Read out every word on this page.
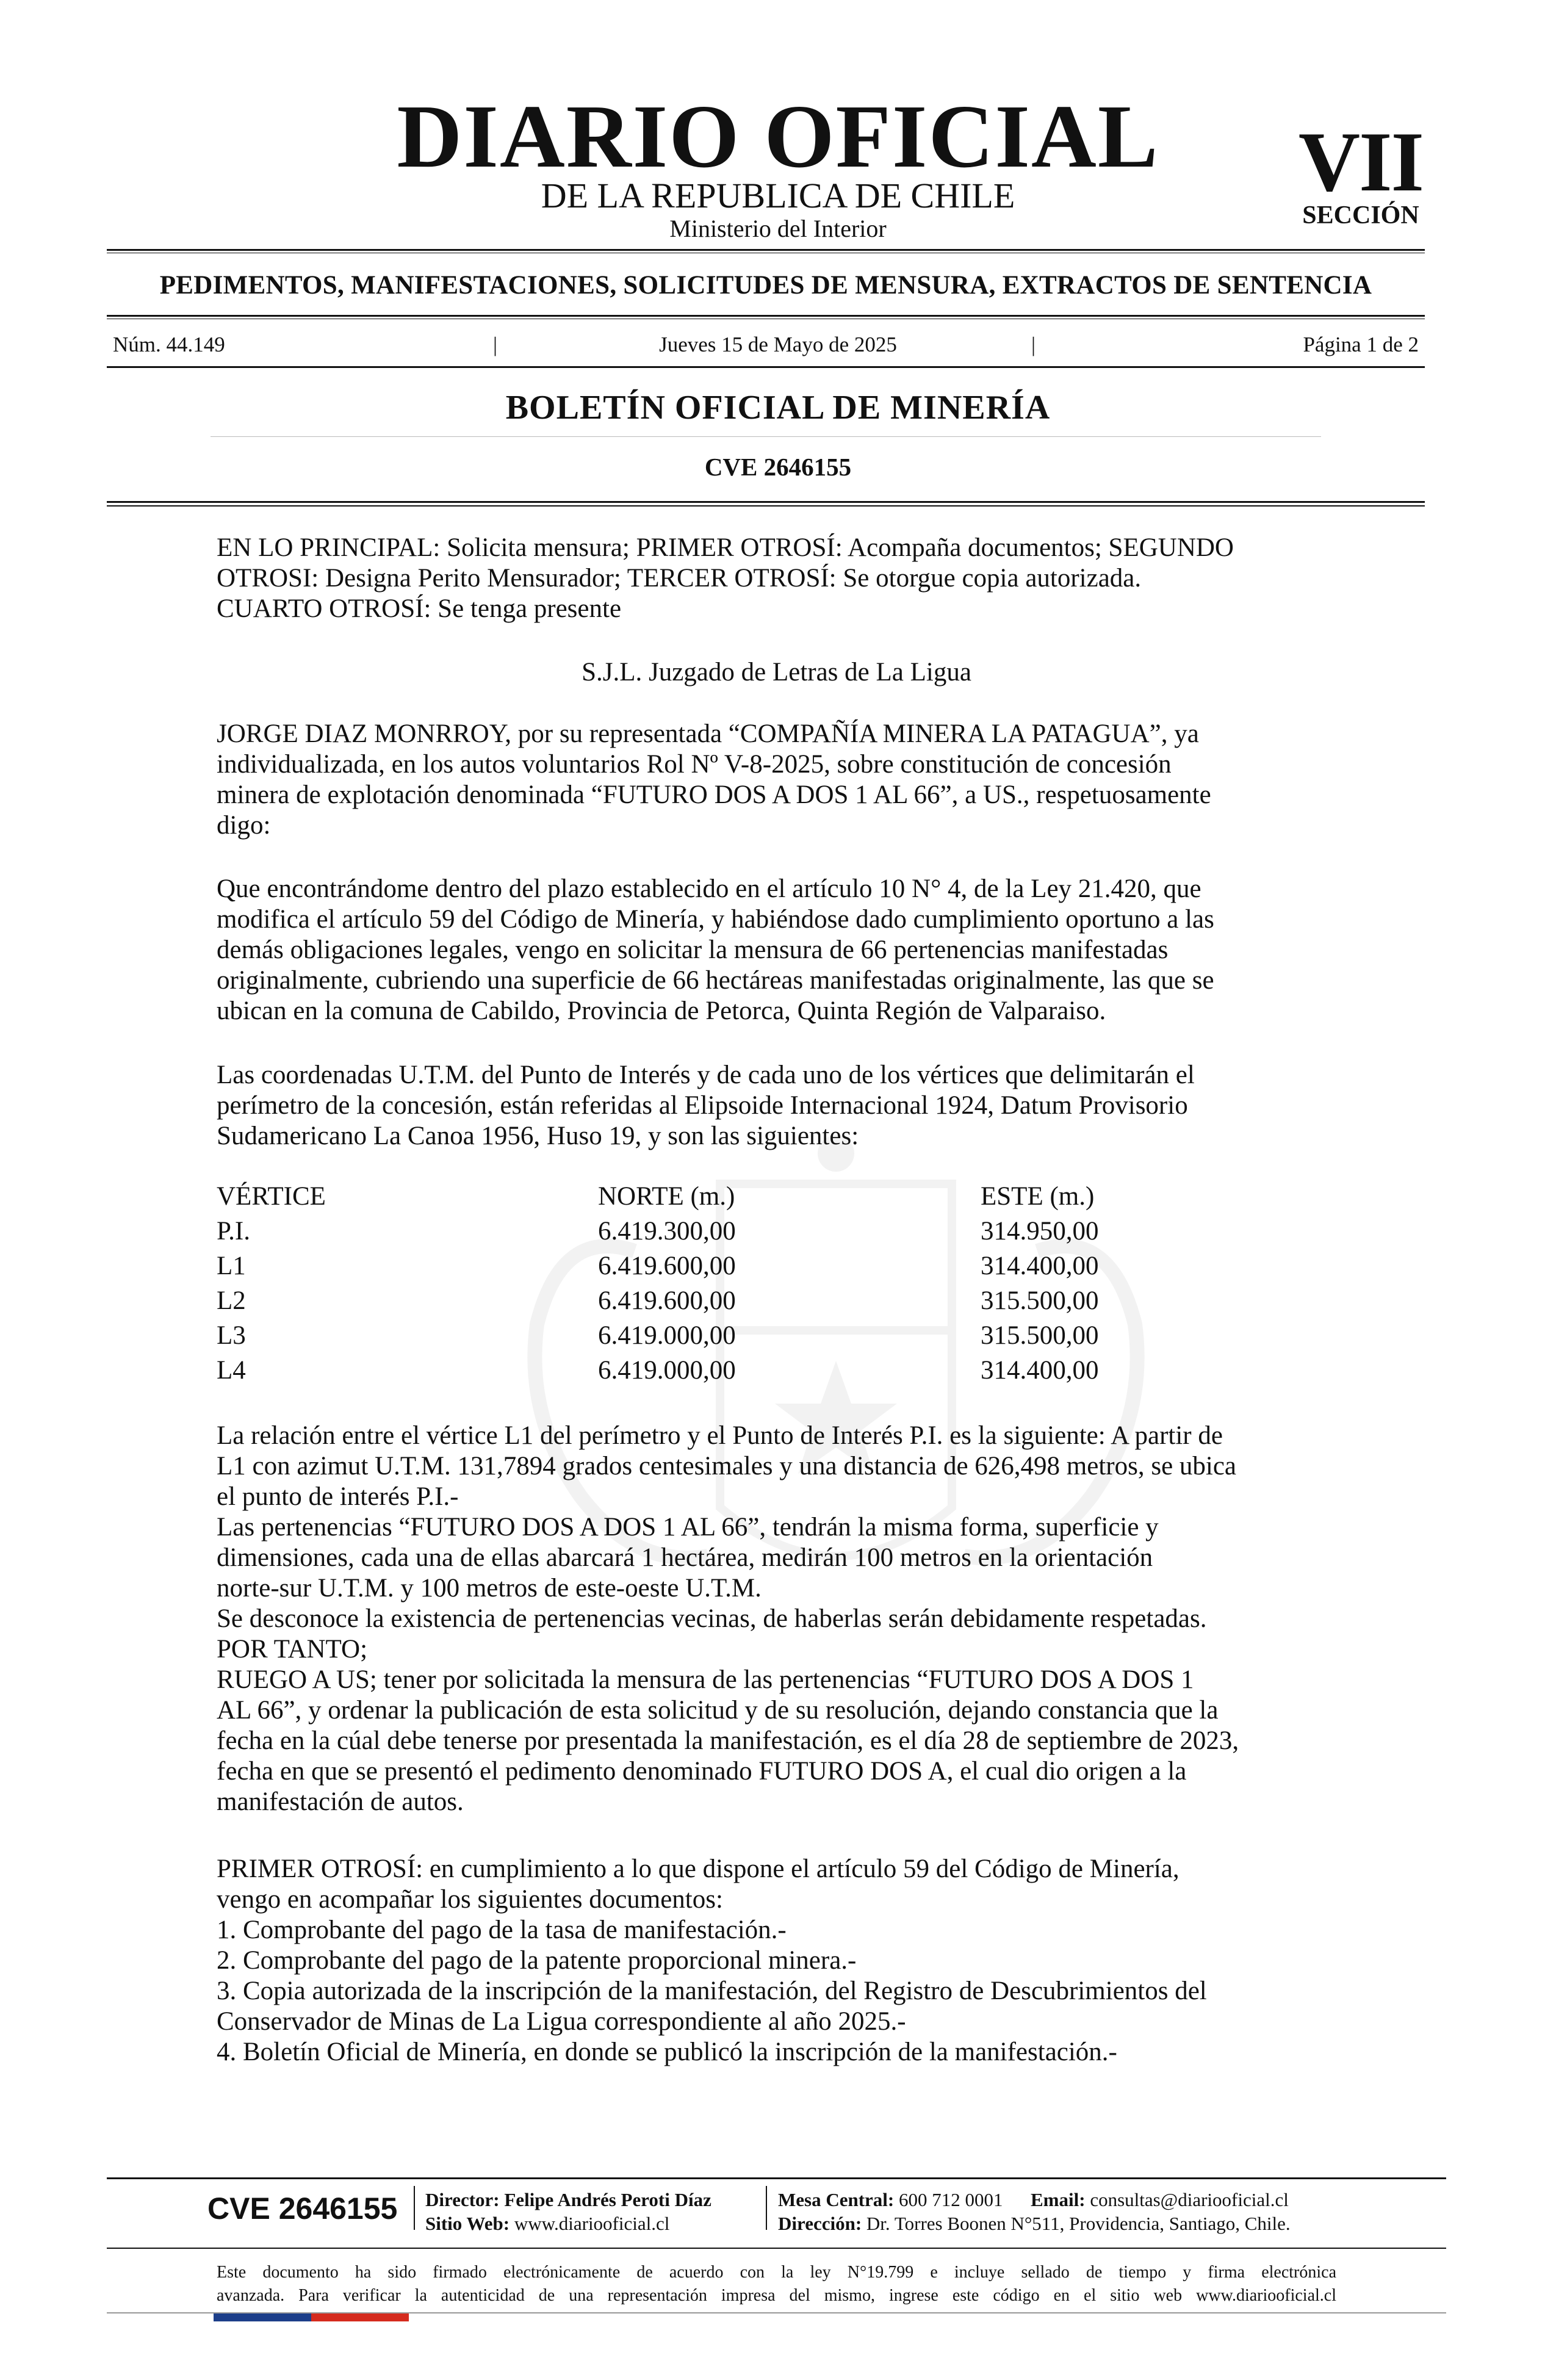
DIARIO OFICIAL
DE LA REPUBLICA DE CHILE
Ministerio del Interior
VII
SECCIÓN
PEDIMENTOS, MANIFESTACIONES, SOLICITUDES DE MENSURA, EXTRACTOS DE SENTENCIA
Núm. 44.149	|	Jueves 15 de Mayo de 2025	|	Página 1 de 2
BOLETÍN OFICIAL DE MINERÍA
CVE 2646155
EN LO PRINCIPAL: Solicita mensura; PRIMER OTROSÍ: Acompaña documentos; SEGUNDO
OTROSI: Designa Perito Mensurador; TERCER OTROSÍ: Se otorgue copia autorizada.
CUARTO OTROSÍ: Se tenga presente
S.J.L. Juzgado de Letras de La Ligua
JORGE DIAZ MONRROY, por su representada “COMPAÑÍA MINERA LA PATAGUA”, ya
individualizada, en los autos voluntarios Rol Nº V-8-2025, sobre constitución de concesión
minera de explotación denominada “FUTURO DOS A DOS 1 AL 66”, a US., respetuosamente
digo:
Que encontrándome dentro del plazo establecido en el artículo 10 N° 4, de la Ley 21.420, que
modifica el artículo 59 del Código de Minería, y habiéndose dado cumplimiento oportuno a las
demás obligaciones legales, vengo en solicitar la mensura de 66 pertenencias manifestadas
originalmente, cubriendo una superficie de 66 hectáreas manifestadas originalmente, las que se
ubican en la comuna de Cabildo, Provincia de Petorca, Quinta Región de Valparaiso.
Las coordenadas U.T.M. del Punto de Interés y de cada uno de los vértices que delimitarán el
perímetro de la concesión, están referidas al Elipsoide Internacional 1924, Datum Provisorio
Sudamericano La Canoa 1956, Huso 19, y son las siguientes:
VÉRTICE	NORTE (m.)	ESTE (m.)
P.I.	6.419.300,00	314.950,00
L1	6.419.600,00	314.400,00
L2	6.419.600,00	315.500,00
L3	6.419.000,00	315.500,00
L4	6.419.000,00	314.400,00
La relación entre el vértice L1 del perímetro y el Punto de Interés P.I. es la siguiente: A partir de
L1 con azimut U.T.M. 131,7894 grados centesimales y una distancia de 626,498 metros, se ubica
el punto de interés P.I.-
Las pertenencias “FUTURO DOS A DOS 1 AL 66”, tendrán la misma forma, superficie y
dimensiones, cada una de ellas abarcará 1 hectárea, medirán 100 metros en la orientación
norte-sur U.T.M. y 100 metros de este-oeste U.T.M.
Se desconoce la existencia de pertenencias vecinas, de haberlas serán debidamente respetadas.
POR TANTO;
RUEGO A US; tener por solicitada la mensura de las pertenencias “FUTURO DOS A DOS 1
AL 66”, y ordenar la publicación de esta solicitud y de su resolución, dejando constancia que la
fecha en la cúal debe tenerse por presentada la manifestación, es el día 28 de septiembre de 2023,
fecha en que se presentó el pedimento denominado FUTURO DOS A, el cual dio origen a la
manifestación de autos.
PRIMER OTROSÍ: en cumplimiento a lo que dispone el artículo 59 del Código de Minería,
vengo en acompañar los siguientes documentos:
1. Comprobante del pago de la tasa de manifestación.-
2. Comprobante del pago de la patente proporcional minera.-
3. Copia autorizada de la inscripción de la manifestación, del Registro de Descubrimientos del
Conservador de Minas de La Ligua correspondiente al año 2025.-
4. Boletín Oficial de Minería, en donde se publicó la inscripción de la manifestación.-
CVE 2646155 Director: Felipe Andrés Peroti Díaz
Sitio Web: www.diariooficial.cl
Mesa Central: 600 712 0001 Email: consultas@diariooficial.cl
Dirección: Dr. Torres Boonen N°511, Providencia, Santiago, Chile.
Este documento ha sido firmado electrónicamente de acuerdo con la ley N°19.799 e incluye sellado de tiempo y firma electrónica
avanzada. Para verificar la autenticidad de una representación impresa del mismo, ingrese este código en el sitio web www.diariooficial.cl
